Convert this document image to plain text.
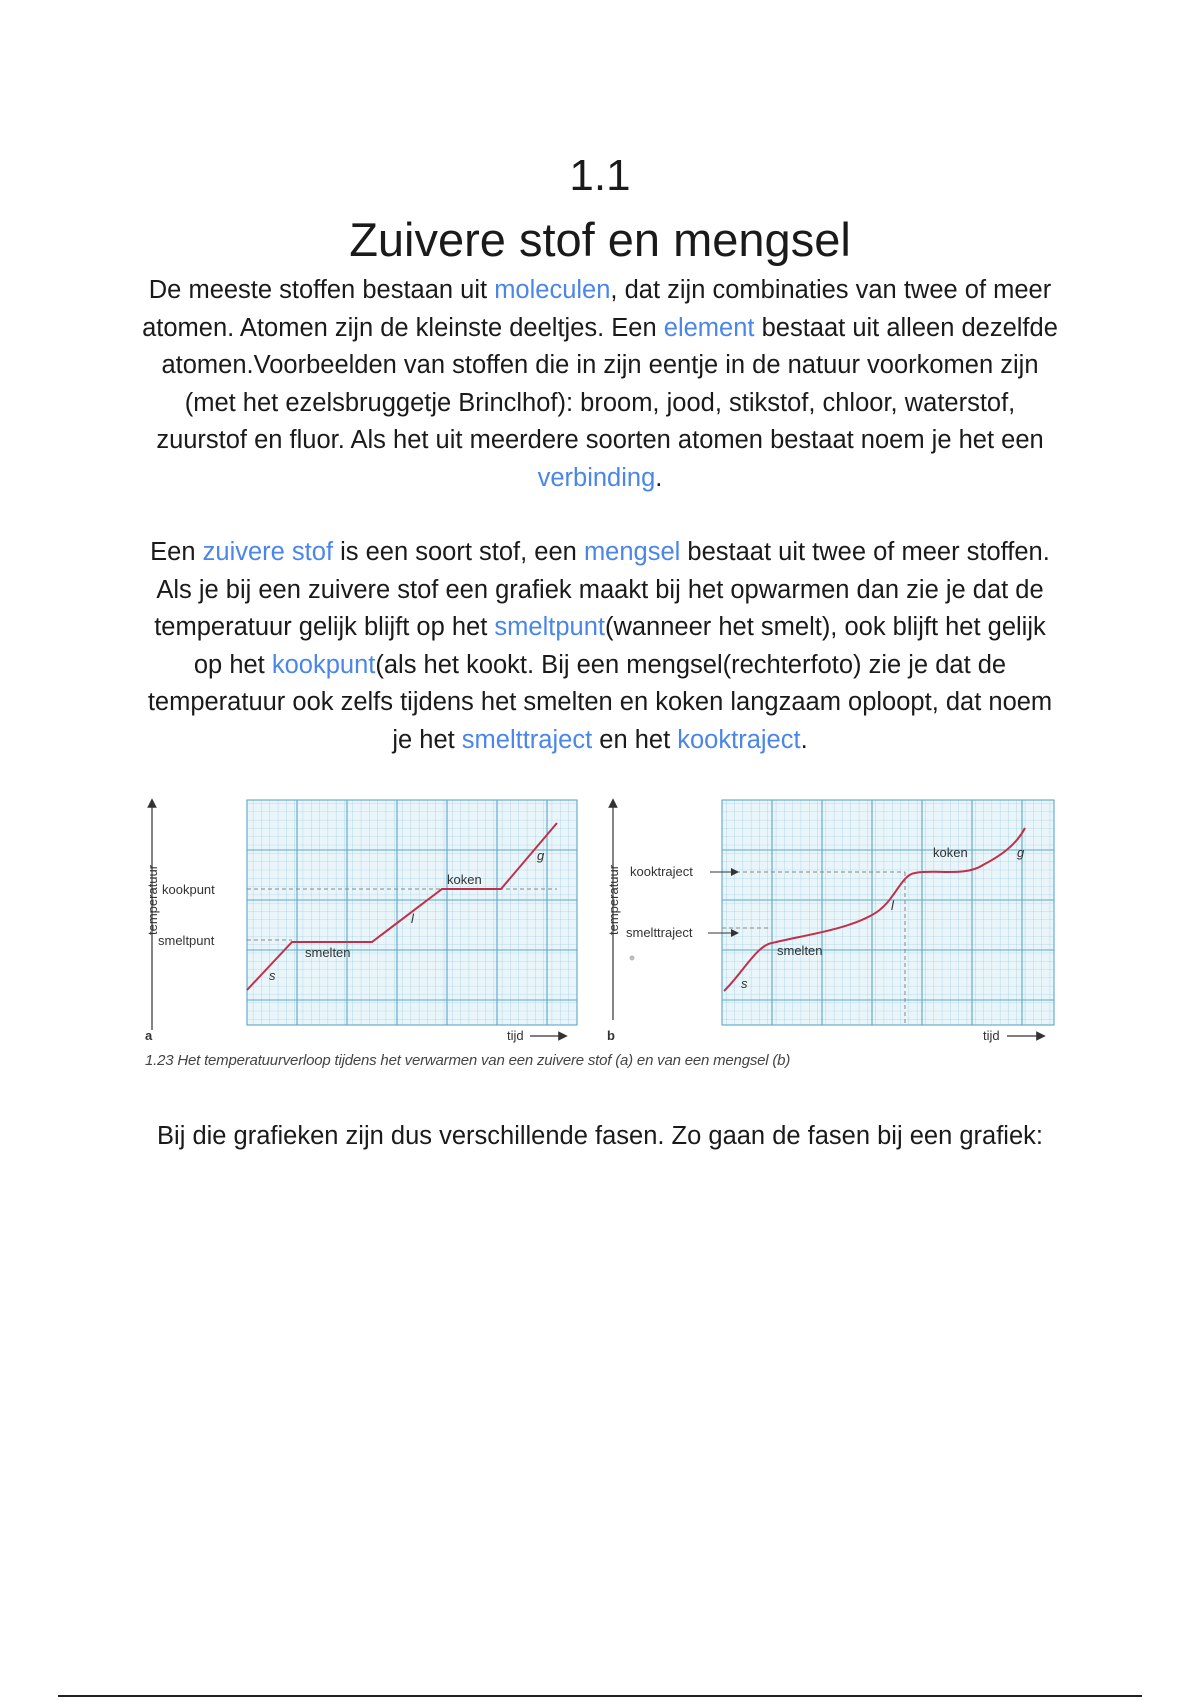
1.1
Zuivere stof en mengsel

De meeste stoffen bestaan uit moleculen, dat zijn combinaties van twee of meer atomen. Atomen zijn de kleinste deeltjes. Een element bestaat uit alleen dezelfde atomen.Voorbeelden van stoffen die in zijn eentje in de natuur voorkomen zijn (met het ezelsbruggetje Brinclhof): broom, jood, stikstof, chloor, waterstof, zuurstof en fluor. Als het uit meerdere soorten atomen bestaat noem je het een verbinding.

Een zuivere stof is een soort stof, een mengsel bestaat uit twee of meer stoffen. Als je bij een zuivere stof een grafiek maakt bij het opwarmen dan zie je dat de temperatuur gelijk blijft op het smeltpunt(wanneer het smelt), ook blijft het gelijk op het kookpunt(als het kookt. Bij een mengsel(rechterfoto) zie je dat de temperatuur ook zelfs tijdens het smelten en koken langzaam oploopt, dat noem je het smelttraject en het kooktraject.

temperatuur kookpunt
smeltpunt
smelten
koken
s
l
g
a	tijd
temperatuur kooktraject
smelttraject
smelten
koken
s
l
g
b	tijd
1.23 Het temperatuurverloop tijdens het verwarmen van een zuivere stof (a) en van een mengsel (b)

Bij die grafieken zijn dus verschillende fasen. Zo gaan de fasen bij een grafiek:
